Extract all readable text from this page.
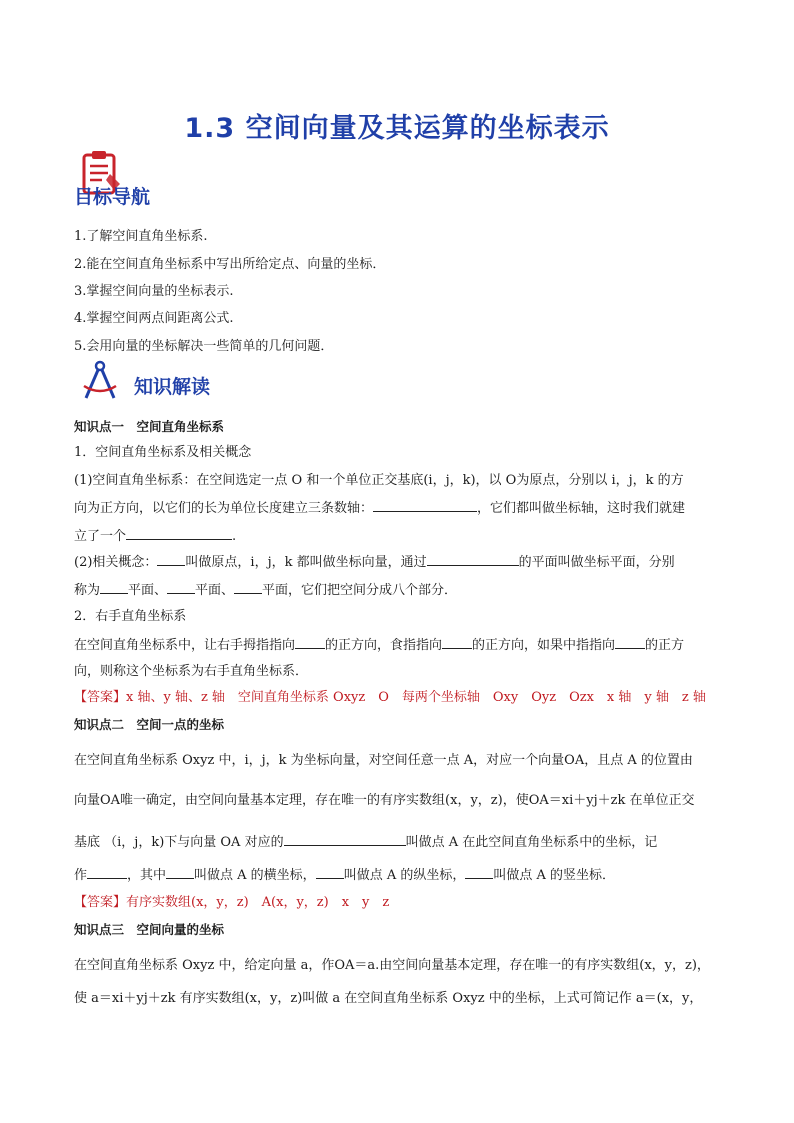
1.3 空间向量及其运算的坐标表示
目标导航
1.了解空间直角坐标系.
2.能在空间直角坐标系中写出所给定点、向量的坐标．
3.掌握空间向量的坐标表示.
4.掌握空间两点间距离公式.
5.会用向量的坐标解决一些简单的几何问题．
知识解读
知识点一　空间直角坐标系
1．空间直角坐标系及相关概念
(1)空间直角坐标系：在空间选定一点 O 和一个单位正交基底(i，j，k)，以 O为原点，分别以 i，j，k 的方
向为正方向，以它们的长为单位长度建立三条数轴：	，它们都叫做坐标轴，这时我们就建
立了一个	.
(2)相关概念： 叫做原点，i，j，k 都叫做坐标向量，通过	的平面叫做坐标平面，分别
称为 平面、 平面、 平面，它们把空间分成八个部分．
2．右手直角坐标系
在空间直角坐标系中，让右手拇指指向 的正方向，食指指向 的正方向，如果中指指向 的正方
向，则称这个坐标系为右手直角坐标系．
【答案】x 轴、y 轴、z 轴　空间直角坐标系 Oxyz　O　每两个坐标轴　Oxy　Oyz　Ozx　x 轴　y 轴　z 轴
知识点二　空间一点的坐标
在空间直角坐标系 Oxyz 中，i，j，k 为坐标向量，对空间任意一点 A，对应一个向量OA，且点 A 的位置由
向量OA唯一确定，由空间向量基本定理，存在唯一的有序实数组(x，y，z)，使OA＝xi＋yj＋zk 在单位正交
基底 （i，j，k)下与向量 OA 对应的	叫做点 A 在此空间直角坐标系中的坐标，记
作	，其中 叫做点 A 的横坐标， 叫做点 A 的纵坐标， 叫做点 A 的竖坐标．
【答案】有序实数组(x，y，z)　A(x，y，z)　x　y　z
知识点三　空间向量的坐标
在空间直角坐标系 Oxyz 中，给定向量 a，作OA＝a.由空间向量基本定理，存在唯一的有序实数组(x，y，z)，
使 a＝xi＋yj＋zk 有序实数组(x，y，z)叫做 a 在空间直角坐标系 Oxyz 中的坐标，上式可简记作 a＝(x，y，
